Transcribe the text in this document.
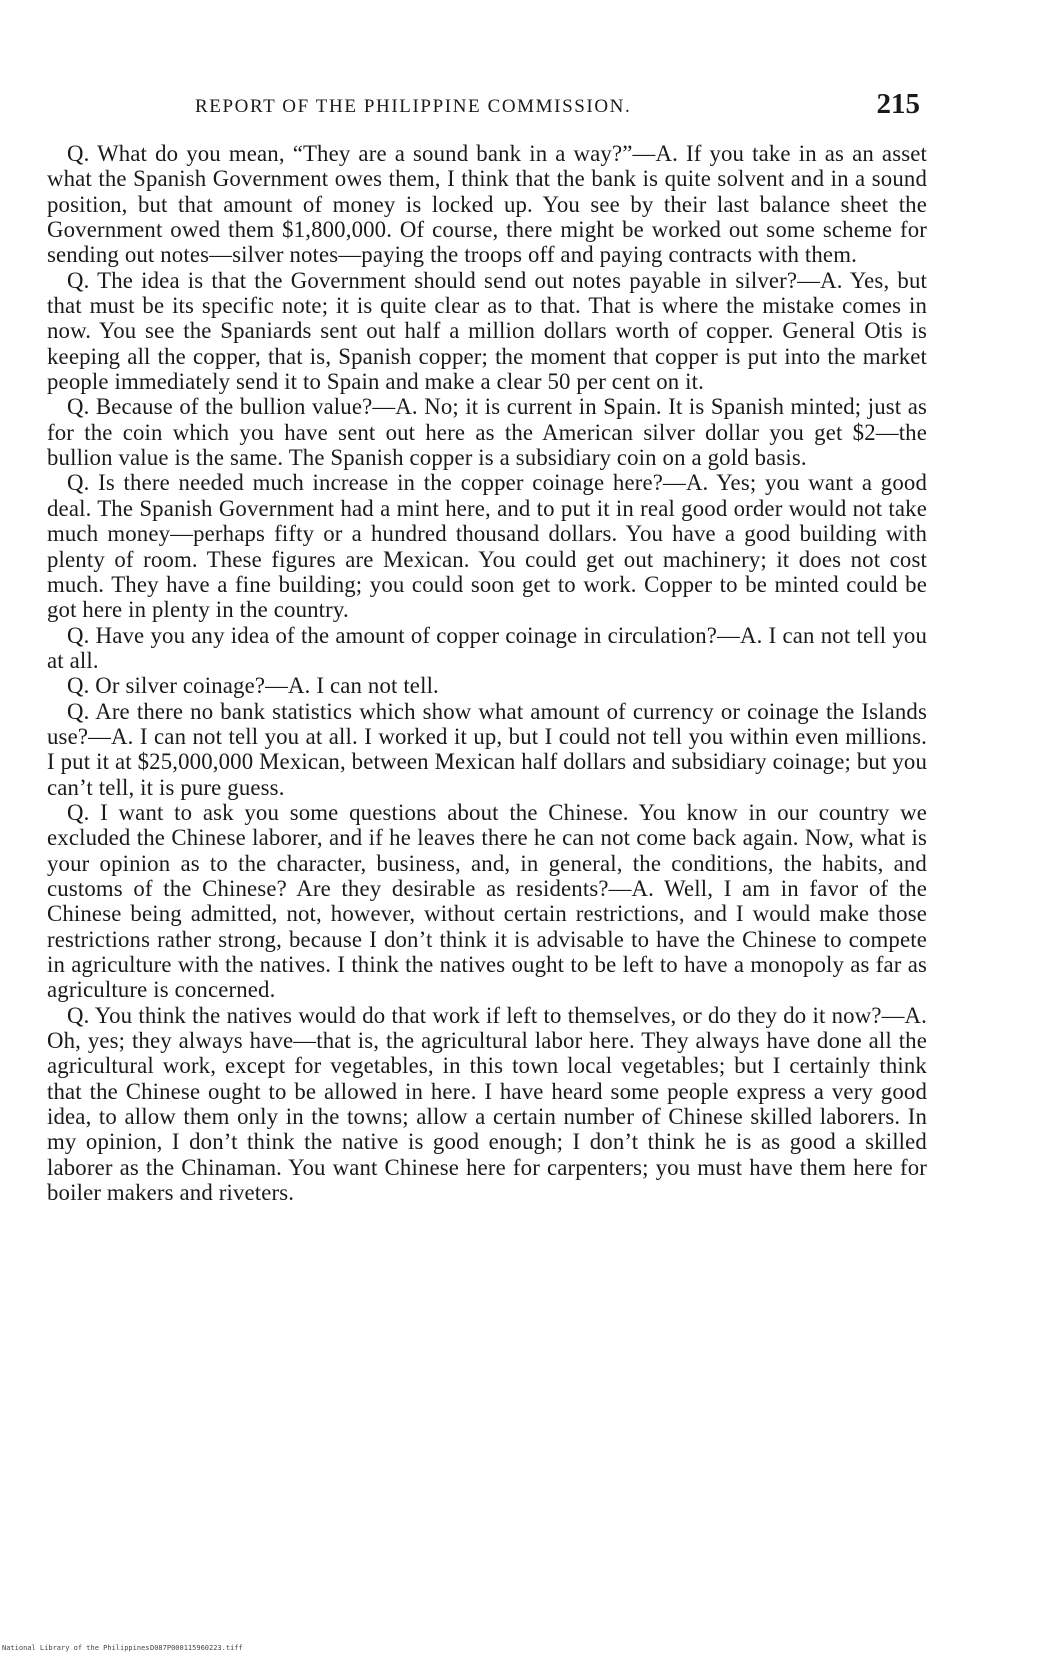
REPORT OF THE PHILIPPINE COMMISSION.	215

Q. What do you mean, “They are a sound bank in a way?”—A. If you take in as an asset what the Spanish Government owes them, I think that the bank is quite solvent and in a sound position, but that amount of money is locked up. You see by their last balance sheet the Government owed them $1,800,000. Of course, there might be worked out some scheme for sending out notes—silver notes—paying the troops off and paying contracts with them.

Q. The idea is that the Government should send out notes payable in silver?—A. Yes, but that must be its specific note; it is quite clear as to that. That is where the mistake comes in now. You see the Spaniards sent out half a million dollars worth of copper. General Otis is keeping all the copper, that is, Spanish copper; the moment that copper is put into the market people immediately send it to Spain and make a clear 50 per cent on it.

Q. Because of the bullion value?—A. No; it is current in Spain. It is Spanish minted; just as for the coin which you have sent out here as the American silver dollar you get $2—the bullion value is the same. The Spanish copper is a subsidiary coin on a gold basis.

Q. Is there needed much increase in the copper coinage here?—A. Yes; you want a good deal. The Spanish Government had a mint here, and to put it in real good order would not take much money—perhaps fifty or a hundred thousand dollars. You have a good building with plenty of room. These figures are Mexican. You could get out machinery; it does not cost much. They have a fine building; you could soon get to work. Copper to be minted could be got here in plenty in the country.

Q. Have you any idea of the amount of copper coinage in circulation?—A. I can not tell you at all.

Q. Or silver coinage?—A. I can not tell.

Q. Are there no bank statistics which show what amount of currency or coinage the Islands use?—A. I can not tell you at all. I worked it up, but I could not tell you within even millions. I put it at $25,000,000 Mexican, between Mexican half dollars and subsidiary coinage; but you can’t tell, it is pure guess.

Q. I want to ask you some questions about the Chinese. You know in our country we excluded the Chinese laborer, and if he leaves there he can not come back again. Now, what is your opinion as to the character, business, and, in general, the conditions, the habits, and customs of the Chinese? Are they desirable as residents?—A. Well, I am in favor of the Chinese being admitted, not, however, without certain restrictions, and I would make those restrictions rather strong, because I don’t think it is advisable to have the Chinese to compete in agriculture with the natives. I think the natives ought to be left to have a monopoly as far as agriculture is concerned.

Q. You think the natives would do that work if left to themselves, or do they do it now?—A. Oh, yes; they always have—that is, the agricultural labor here. They always have done all the agricultural work, except for vegetables, in this town local vegetables; but I certainly think that the Chinese ought to be allowed in here. I have heard some people express a very good idea, to allow them only in the towns; allow a certain number of Chinese skilled laborers. In my opinion, I don’t think the native is good enough; I don’t think he is as good a skilled laborer as the Chinaman. You want Chinese here for carpenters; you must have them here for boiler makers and riveters.

National Library of the Philippines D087P000115960223.tiff
